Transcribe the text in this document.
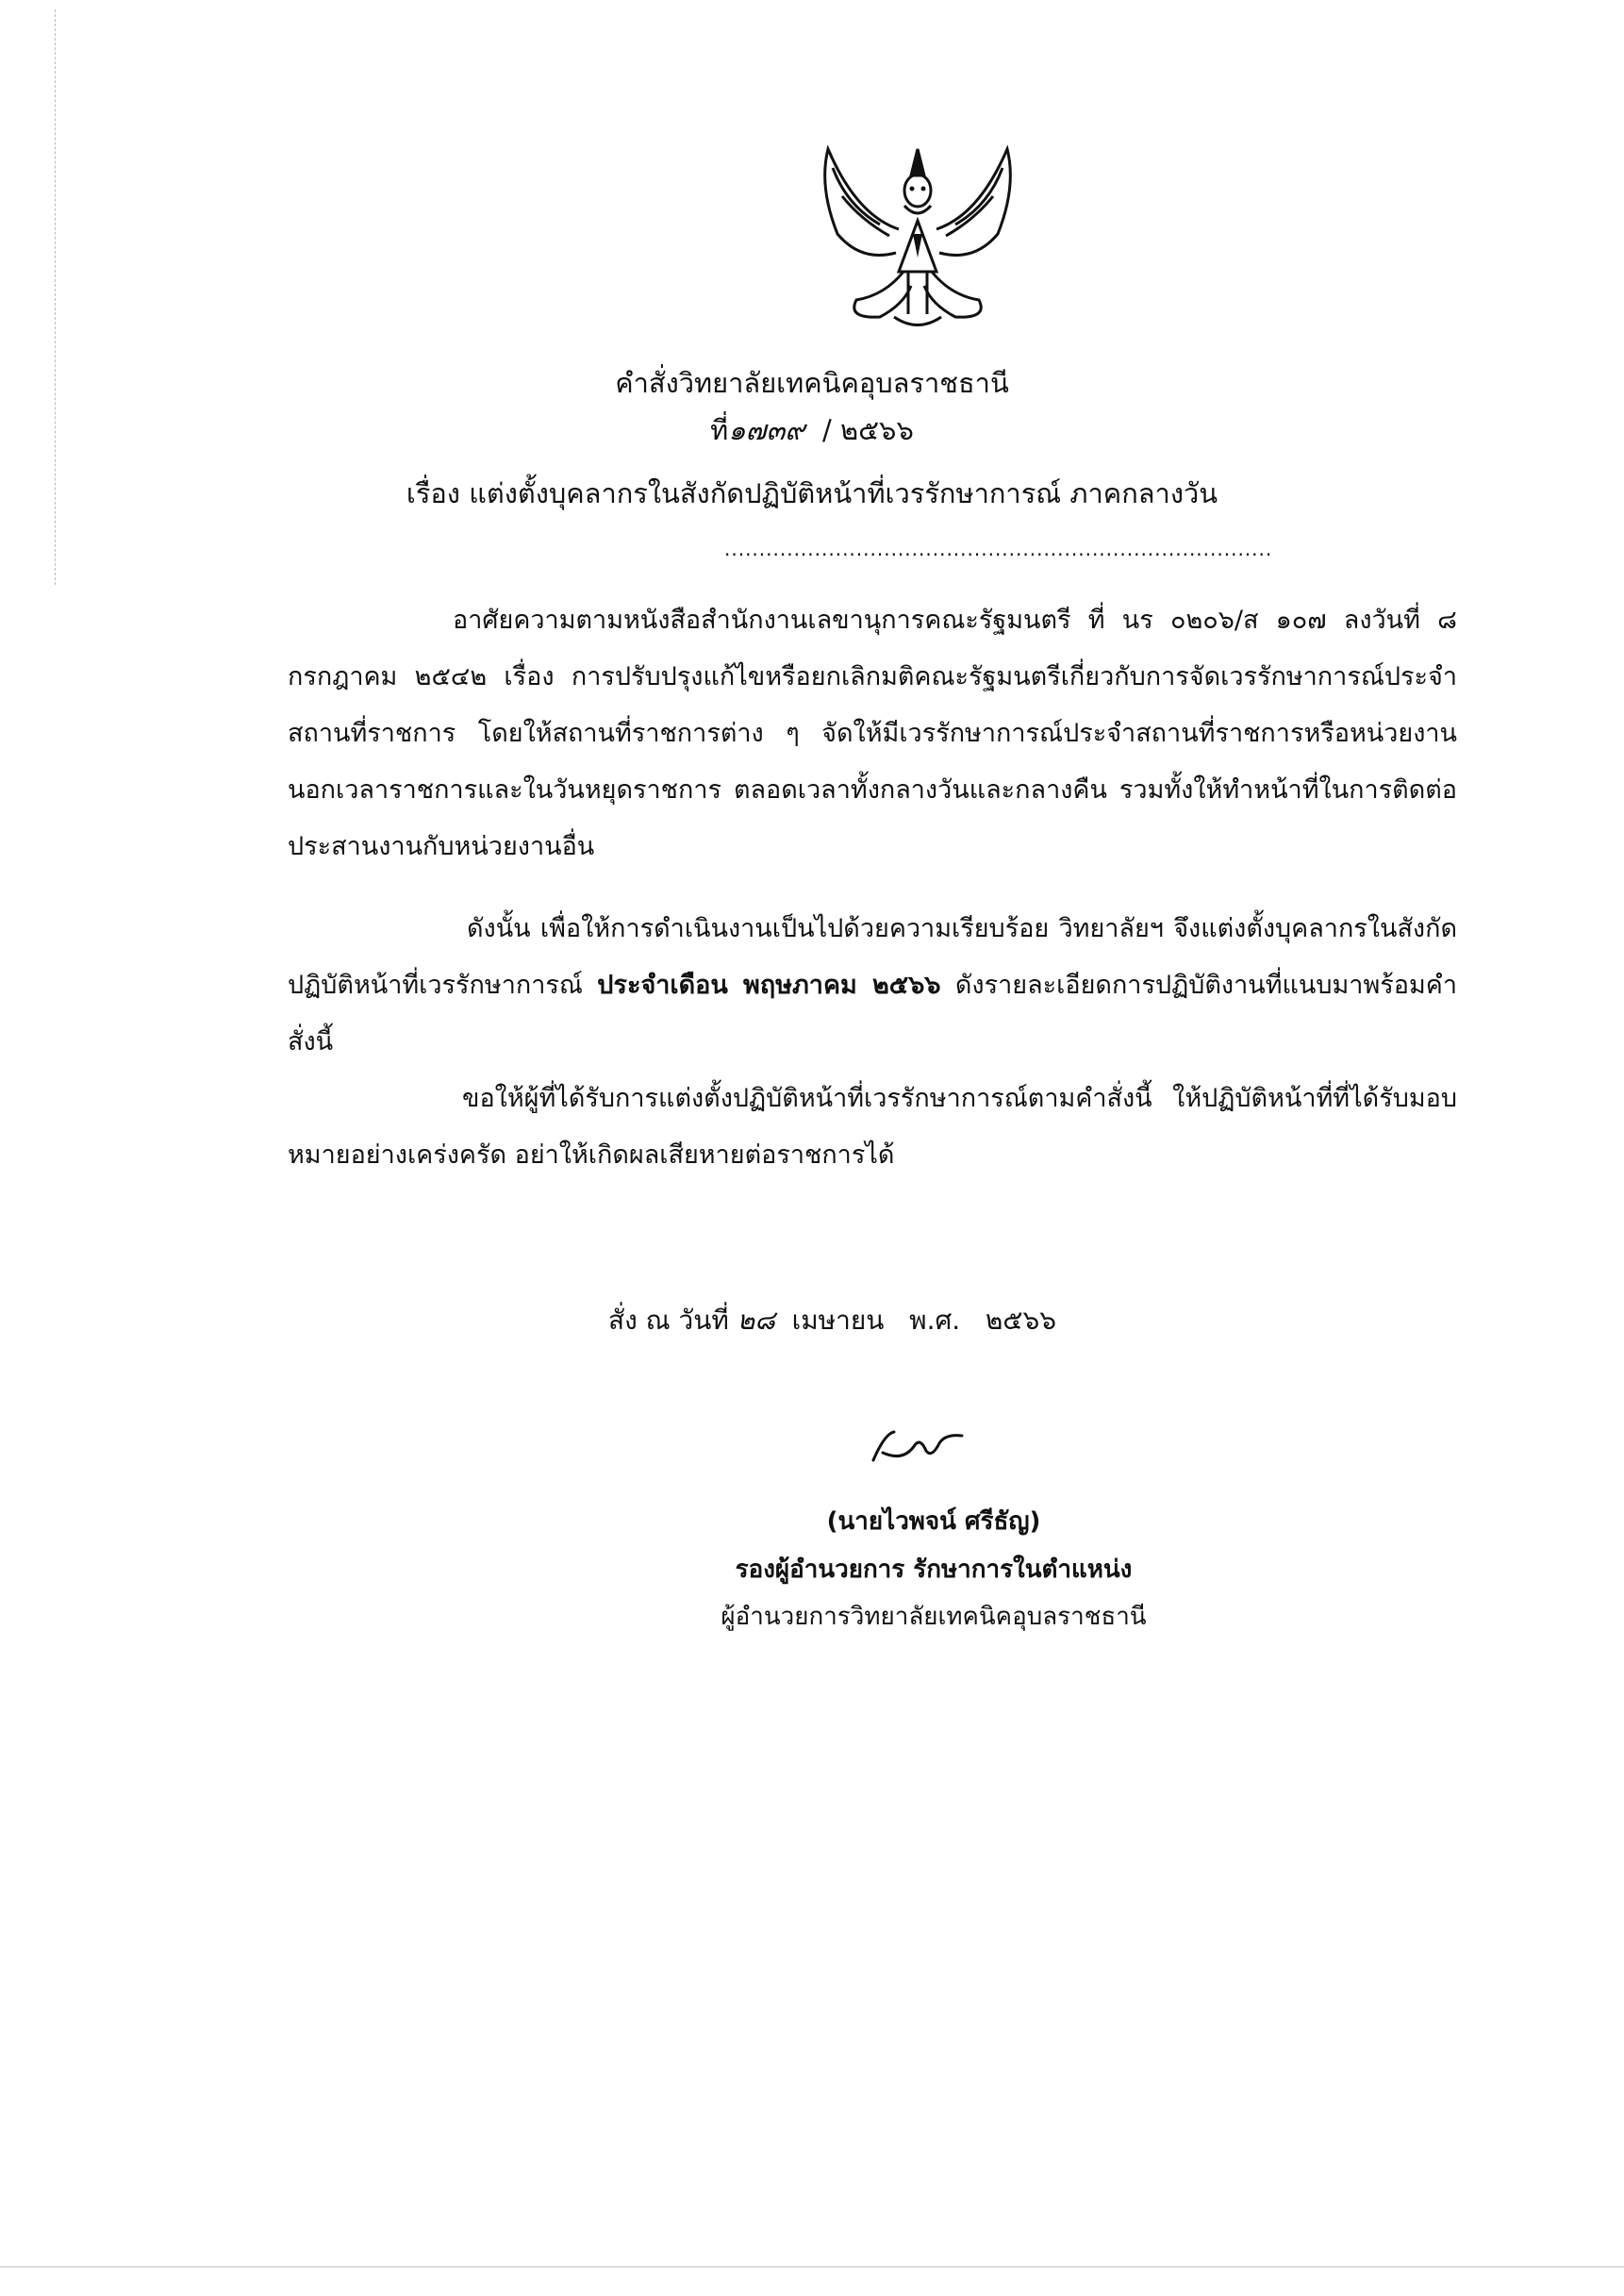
คำสั่งวิทยาลัยเทคนิคอุบลราชธานี
ที่๑๗๓๙ / ๒๕๖๖
เรื่อง แต่งตั้งบุคลากรในสังกัดปฏิบัติหน้าที่เวรรักษาการณ์ ภาคกลางวัน
...............................................................................

อาศัยความตามหนังสือสำนักงานเลขานุการคณะรัฐมนตรี ที่ นร ๐๒๐๖/ส ๑๐๗ ลงวันที่ ๘ กรกฎาคม ๒๕๔๒ เรื่อง การปรับปรุงแก้ไขหรือยกเลิกมติคณะรัฐมนตรีเกี่ยวกับการจัดเวรรักษาการณ์ประจำสถานที่ราชการ โดยให้สถานที่ราชการต่าง ๆ จัดให้มีเวรรักษาการณ์ประจำสถานที่ราชการหรือหน่วยงานนอกเวลาราชการและในวันหยุดราชการ ตลอดเวลาทั้งกลางวันและกลางคืน รวมทั้งให้ทำหน้าที่ในการติดต่อประสานงานกับหน่วยงานอื่น

ดังนั้น เพื่อให้การดำเนินงานเป็นไปด้วยความเรียบร้อย วิทยาลัยฯ จึงแต่งตั้งบุคลากรในสังกัดปฏิบัติหน้าที่เวรรักษาการณ์ ประจำเดือน พฤษภาคม ๒๕๖๖ ดังรายละเอียดการปฏิบัติงานที่แนบมาพร้อมคำสั่งนี้

ขอให้ผู้ที่ได้รับการแต่งตั้งปฏิบัติหน้าที่เวรรักษาการณ์ตามคำสั่งนี้ ให้ปฏิบัติหน้าที่ที่ได้รับมอบหมายอย่างเคร่งครัด อย่าให้เกิดผลเสียหายต่อราชการได้

สั่ง ณ วันที่ ๒๘ เมษายน พ.ศ. ๒๕๖๖
(นายไวพจน์ ศรีธัญ)
รองผู้อำนวยการ รักษาการในตำแหน่ง
ผู้อำนวยการวิทยาลัยเทคนิคอุบลราชธานี
